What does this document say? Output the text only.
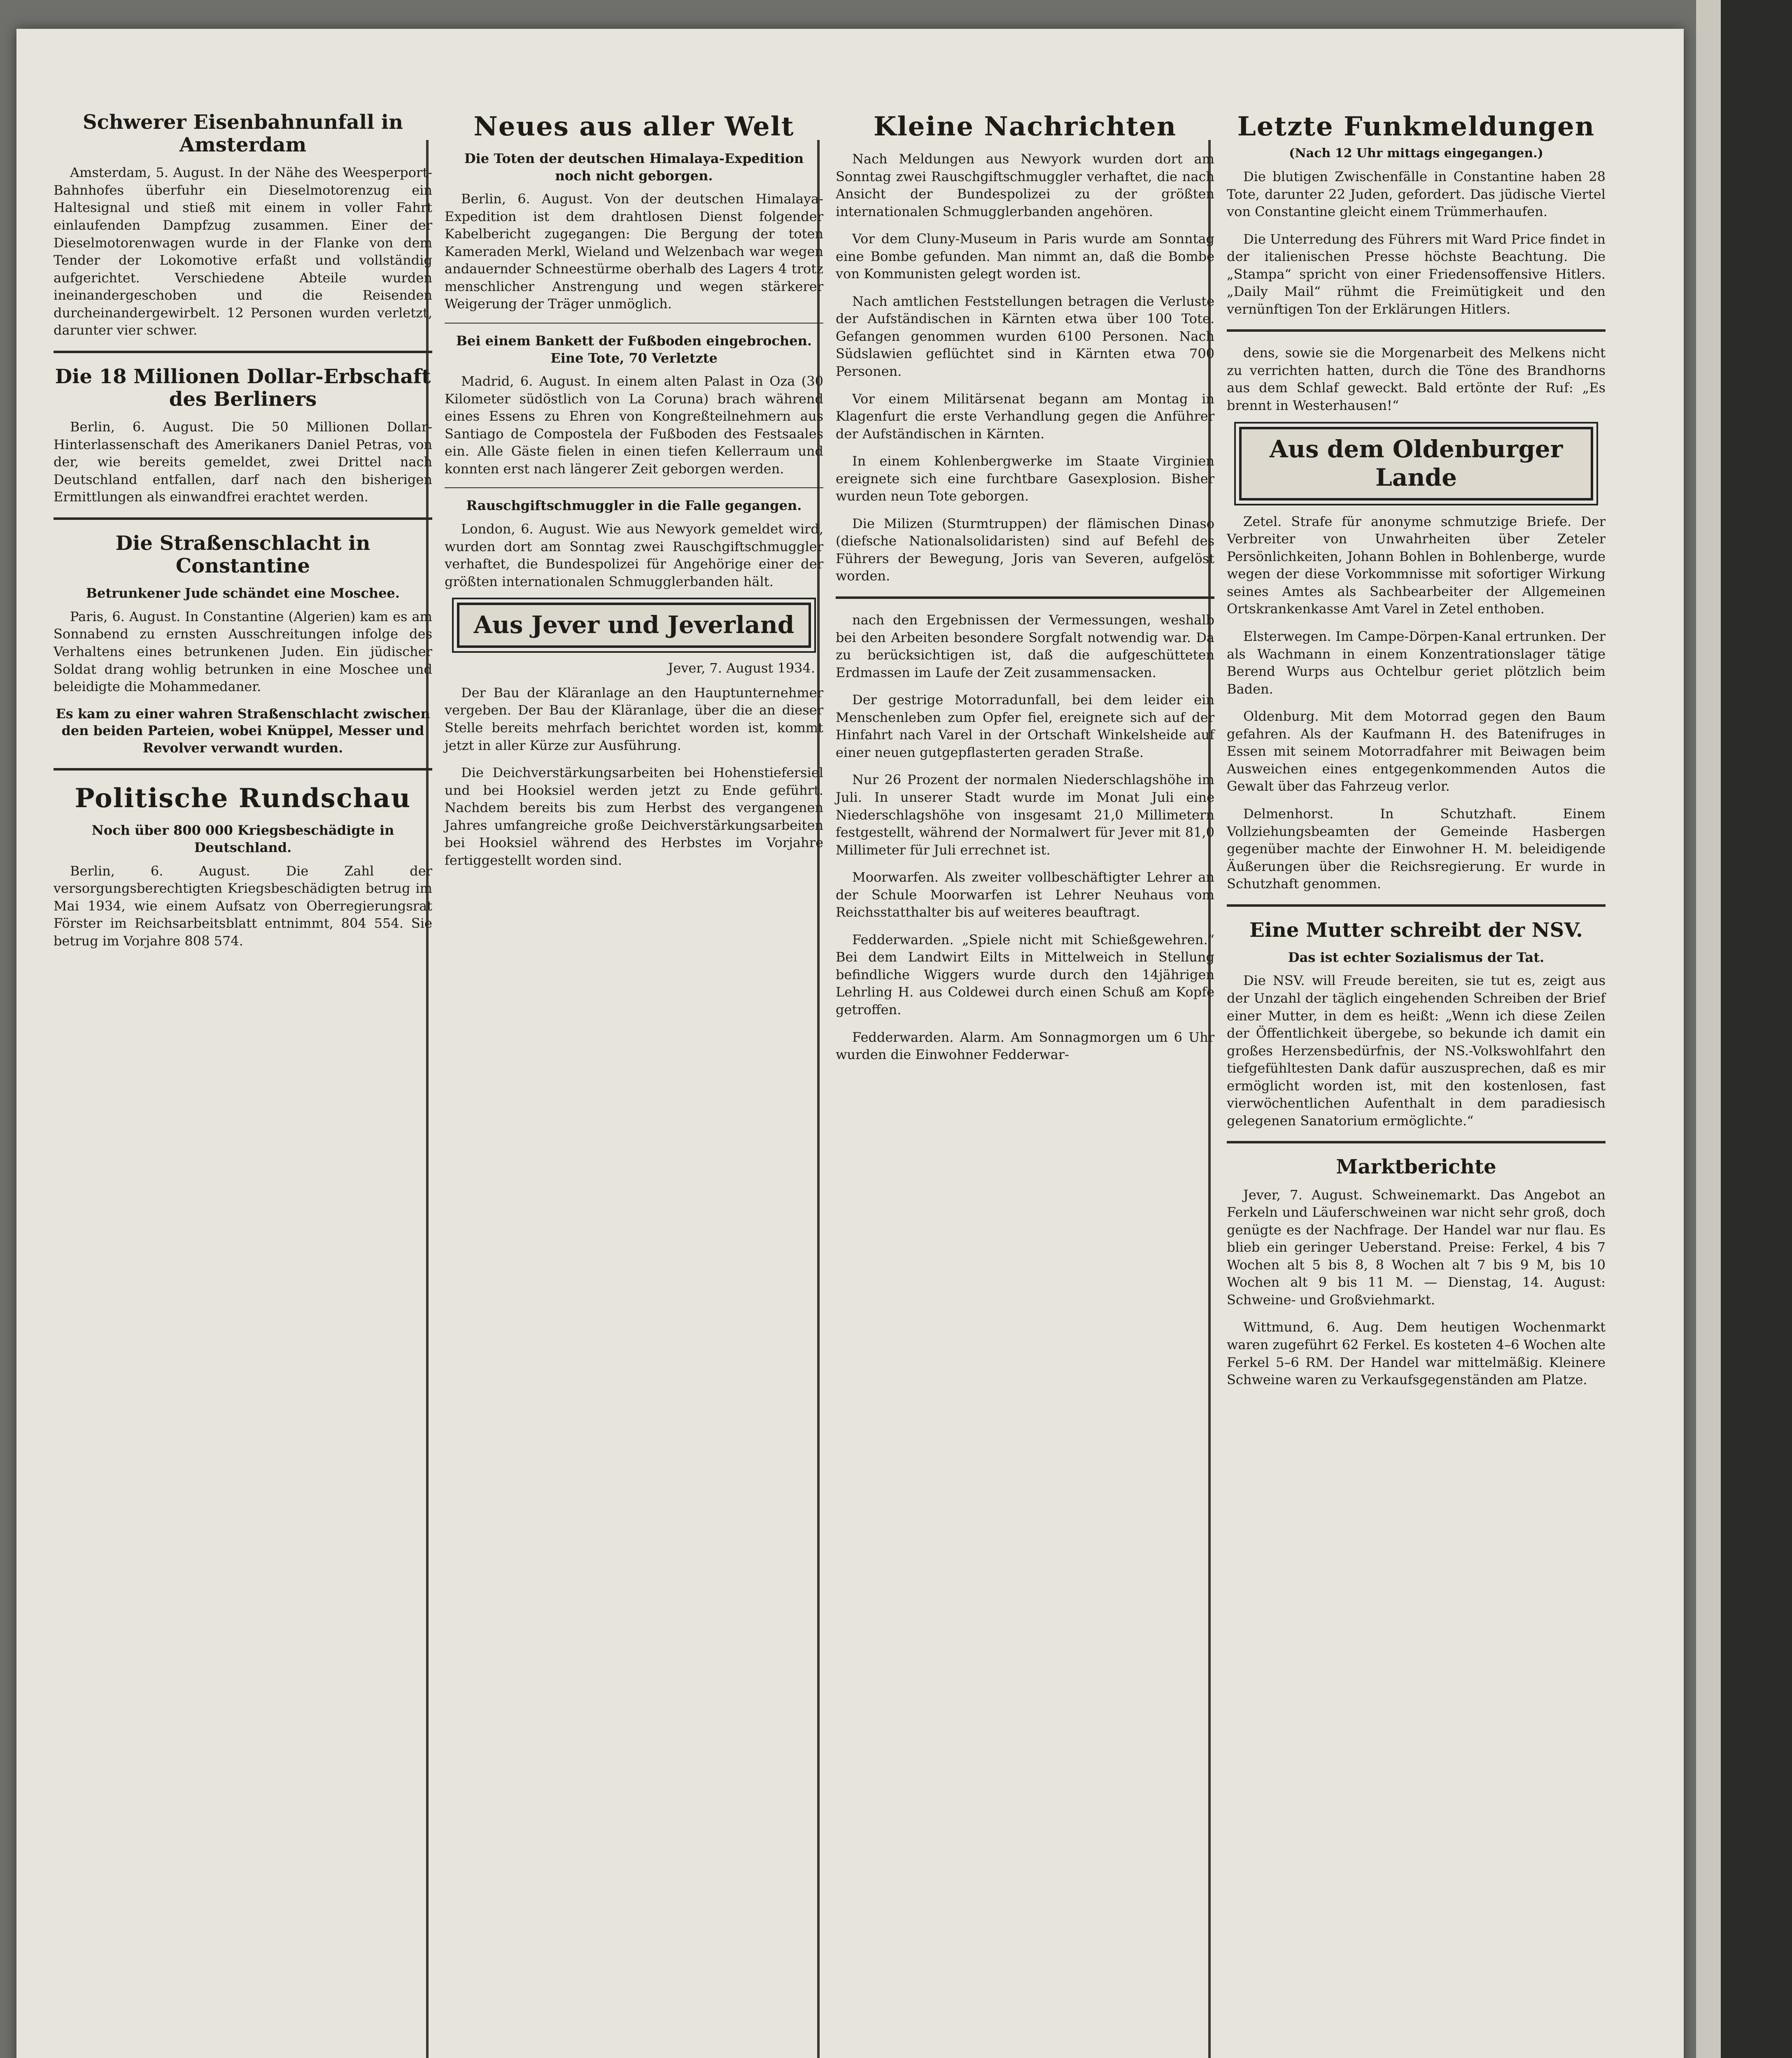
Schwerer Eisenbahnunfall in Amsterdam

Amsterdam, 5. August. In der Nähe des Weesperport-Bahnhofes überfuhr ein Dieselmotorenzug ein Haltesignal und stieß mit einem in voller Fahrt einlaufenden Dampfzug zusammen. Einer der Dieselmotorenwagen wurde in der Flanke von dem Tender der Lokomotive erfaßt und vollständig aufgerichtet. Verschiedene Abteile wurden ineinandergeschoben und die Reisenden durcheinandergewirbelt. 12 Personen wurden verletzt, darunter vier schwer.

Die 18 Millionen Dollar-Erbschaft des Berliners

Berlin, 6. August. Die 50 Millionen Dollar-Hinterlassenschaft des Amerikaners Daniel Petras, von der, wie bereits gemeldet, zwei Drittel nach Deutschland entfallen, darf nach den bisherigen Ermittlungen als einwandfrei erachtet werden.

Die Straßenschlacht in Constantine
Betrunkener Jude schändet eine Moschee.

Paris, 6. August. In Constantine (Algerien) kam es am Sonnabend zu ernsten Ausschreitungen infolge des Verhaltens eines betrunkenen Juden. Ein jüdischer Soldat drang wohlig betrunken in eine Moschee und beleidigte die Mohammedaner.

Es kam zu einer wahren Straßenschlacht zwischen den beiden Parteien, wobei Knüppel, Messer und Revolver verwandt wurden.
Politische Rundschau
Noch über 800 000 Kriegsbeschädigte in Deutschland.

Berlin, 6. August. Die Zahl der versorgungsberechtigten Kriegsbeschädigten betrug im Mai 1934, wie einem Aufsatz von Oberregierungsrat Förster im Reichsarbeitsblatt entnimmt, 804 554. Sie betrug im Vorjahre 808 574.

Neues aus aller Welt
Die Toten der deutschen Himalaya-Expedition noch nicht geborgen.

Berlin, 6. August. Von der deutschen Himalaya-Expedition ist dem drahtlosen Dienst folgender Kabelbericht zugegangen: Die Bergung der toten Kameraden Merkl, Wieland und Welzenbach war wegen andauernder Schneestürme oberhalb des Lagers 4 trotz menschlicher Anstrengung und wegen stärkerer Weigerung der Träger unmöglich.

Bei einem Bankett der Fußboden eingebrochen. Eine Tote, 70 Verletzte

Madrid, 6. August. In einem alten Palast in Oza (30 Kilometer südöstlich von La Coruna) brach während eines Essens zu Ehren von Kongreßteilnehmern aus Santiago de Compostela der Fußboden des Festsaales ein. Alle Gäste fielen in einen tiefen Kellerraum und konnten erst nach längerer Zeit geborgen werden.

Rauschgiftschmuggler in die Falle gegangen.

London, 6. August. Wie aus Newyork gemeldet wird, wurden dort am Sonntag zwei Rauschgiftschmuggler verhaftet, die Bundespolizei für Angehörige einer der größten internationalen Schmugglerbanden hält.

Aus Jever und Jeverland
Jever, 7. August 1934.

Der Bau der Kläranlage an den Hauptunternehmer vergeben. Der Bau der Kläranlage, über die an dieser Stelle bereits mehrfach berichtet worden ist, kommt jetzt in aller Kürze zur Ausführung.

Die Deichverstärkungsarbeiten bei Hohenstiefersiel und bei Hooksiel werden jetzt zu Ende geführt. Nachdem bereits bis zum Herbst des vergangenen Jahres umfangreiche große Deichverstärkungsarbeiten bei Hooksiel während des Herbstes im Vorjahre fertiggestellt worden sind.

Kleine Nachrichten

Nach Meldungen aus Newyork wurden dort am Sonntag zwei Rauschgiftschmuggler verhaftet, die nach Ansicht der Bundespolizei zu der größten internationalen Schmugglerbanden angehören.

Vor dem Cluny-Museum in Paris wurde am Sonntag eine Bombe gefunden. Man nimmt an, daß die Bombe von Kommunisten gelegt worden ist.

Nach amtlichen Feststellungen betragen die Verluste der Aufständischen in Kärnten etwa über 100 Tote. Gefangen genommen wurden 6100 Personen. Nach Südslawien geflüchtet sind in Kärnten etwa 700 Personen.

Vor einem Militärsenat begann am Montag in Klagenfurt die erste Verhandlung gegen die Anführer der Aufständischen in Kärnten.

In einem Kohlenbergwerke im Staate Virginien ereignete sich eine furchtbare Gasexplosion. Bisher wurden neun Tote geborgen.

Die Milizen (Sturmtruppen) der flämischen Dinaso (diefsche Nationalsolidaristen) sind auf Befehl des Führers der Bewegung, Joris van Severen, aufgelöst worden.

nach den Ergebnissen der Vermessungen, weshalb bei den Arbeiten besondere Sorgfalt notwendig war. Da zu berücksichtigen ist, daß die aufgeschütteten Erdmassen im Laufe der Zeit zusammensacken.

Der gestrige Motorradunfall, bei dem leider ein Menschenleben zum Opfer fiel, ereignete sich auf der Hinfahrt nach Varel in der Ortschaft Winkelsheide auf einer neuen gutgepflasterten geraden Straße.

Nur 26 Prozent der normalen Niederschlagshöhe im Juli. In unserer Stadt wurde im Monat Juli eine Niederschlagshöhe von insgesamt 21,0 Millimetern festgestellt, während der Normalwert für Jever mit 81,0 Millimeter für Juli errechnet ist.

Moorwarfen. Als zweiter vollbeschäftigter Lehrer an der Schule Moorwarfen ist Lehrer Neuhaus vom Reichsstatthalter bis auf weiteres beauftragt.

Fedderwarden. „Spiele nicht mit Schießgewehren.“ Bei dem Landwirt Eilts in Mittelweich in Stellung befindliche Wiggers wurde durch den 14jährigen Lehrling H. aus Coldewei durch einen Schuß am Kopfe getroffen.

Fedderwarden. Alarm. Am Sonnagmorgen um 6 Uhr wurden die Einwohner Fedderwar-

Letzte Funkmeldungen
(Nach 12 Uhr mittags eingegangen.)

Die blutigen Zwischenfälle in Constantine haben 28 Tote, darunter 22 Juden, gefordert. Das jüdische Viertel von Constantine gleicht einem Trümmerhaufen.

Die Unterredung des Führers mit Ward Price findet in der italienischen Presse höchste Beachtung. Die „Stampa“ spricht von einer Friedensoffensive Hitlers. „Daily Mail“ rühmt die Freimütigkeit und den vernünftigen Ton der Erklärungen Hitlers.

dens, sowie sie die Morgenarbeit des Melkens nicht zu verrichten hatten, durch die Töne des Brandhorns aus dem Schlaf geweckt. Bald ertönte der Ruf: „Es brennt in Westerhausen!“

Aus dem Oldenburger Lande

Zetel. Strafe für anonyme schmutzige Briefe. Der Verbreiter von Unwahrheiten über Zeteler Persönlichkeiten, Johann Bohlen in Bohlenberge, wurde wegen der diese Vorkommnisse mit sofortiger Wirkung seines Amtes als Sachbearbeiter der Allgemeinen Ortskrankenkasse Amt Varel in Zetel enthoben.

Elsterwegen. Im Campe-Dörpen-Kanal ertrunken. Der als Wachmann in einem Konzentrationslager tätige Berend Wurps aus Ochtelbur geriet plötzlich beim Baden.

Oldenburg. Mit dem Motorrad gegen den Baum gefahren. Als der Kaufmann H. des Batenifruges in Essen mit seinem Motorradfahrer mit Beiwagen beim Ausweichen eines entgegenkommenden Autos die Gewalt über das Fahrzeug verlor.

Delmenhorst. In Schutzhaft. Einem Vollziehungsbeamten der Gemeinde Hasbergen gegenüber machte der Einwohner H. M. beleidigende Äußerungen über die Reichsregierung. Er wurde in Schutzhaft genommen.

Eine Mutter schreibt der NSV.
Das ist echter Sozialismus der Tat.

Die NSV. will Freude bereiten, sie tut es, zeigt aus der Unzahl der täglich eingehenden Schreiben der Brief einer Mutter, in dem es heißt: „Wenn ich diese Zeilen der Öffentlichkeit übergebe, so bekunde ich damit ein großes Herzensbedürfnis, der NS.-Volkswohlfahrt den tiefgefühltesten Dank dafür auszusprechen, daß es mir ermöglicht worden ist, mit den kostenlosen, fast vierwöchentlichen Aufenthalt in dem paradiesisch gelegenen Sanatorium ermöglichte.“

Marktberichte

Jever, 7. August. Schweinemarkt. Das Angebot an Ferkeln und Läuferschweinen war nicht sehr groß, doch genügte es der Nachfrage. Der Handel war nur flau. Es blieb ein geringer Ueberstand. Preise: Ferkel, 4 bis 7 Wochen alt 5 bis 8, 8 Wochen alt 7 bis 9 M, bis 10 Wochen alt 9 bis 11 M. — Dienstag, 14. August: Schweine- und Großviehmarkt.

Wittmund, 6. Aug. Dem heutigen Wochenmarkt waren zugeführt 62 Ferkel. Es kosteten 4–6 Wochen alte Ferkel 5–6 RM. Der Handel war mittelmäßig. Kleinere Schweine waren zu Verkaufsgegenständen am Platze.
